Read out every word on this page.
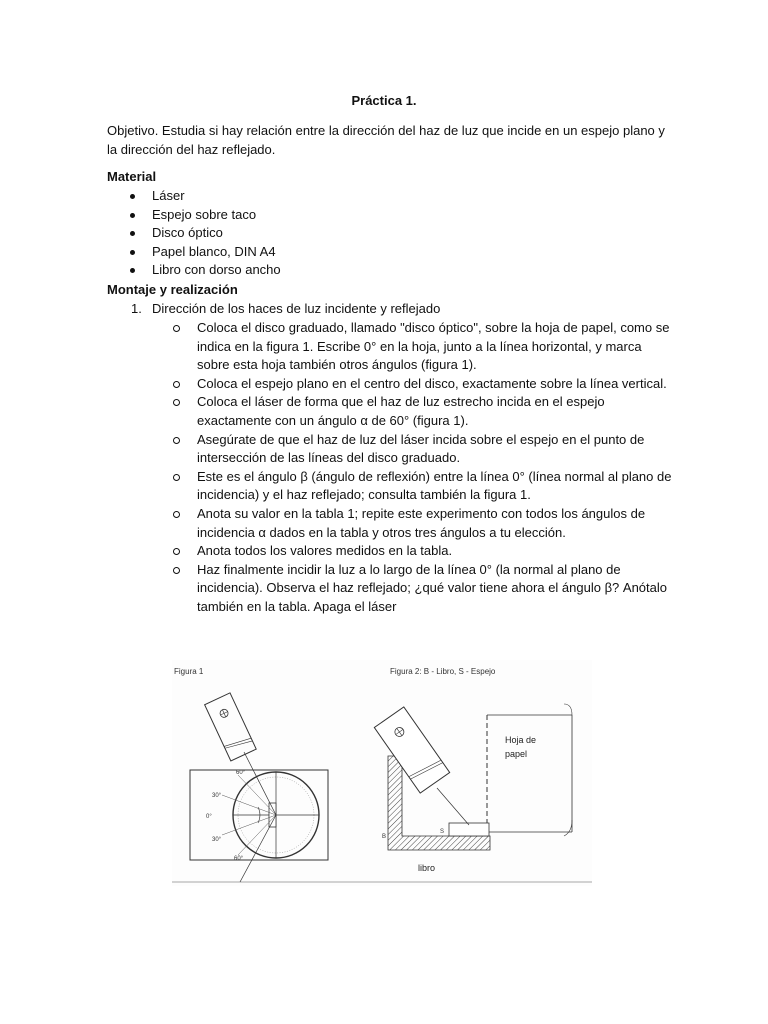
Práctica 1.
Objetivo. Estudia si hay relación entre la dirección del haz de luz que incide en un espejo plano y la dirección del haz reflejado.
Material
Láser
Espejo sobre taco
Disco óptico
Papel blanco, DIN A4
Libro con dorso ancho
Montaje y realización
1. Dirección de los haces de luz incidente y reflejado
Coloca el disco graduado, llamado "disco óptico", sobre la hoja de papel, como se indica en la figura 1. Escribe 0° en la hoja, junto a la línea horizontal, y marca sobre esta hoja también otros ángulos (figura 1).
Coloca el espejo plano en el centro del disco, exactamente sobre la línea vertical.
Coloca el láser de forma que el haz de luz estrecho incida en el espejo exactamente con un ángulo α de 60° (figura 1).
Asegúrate de que el haz de luz del láser incida sobre el espejo en el punto de intersección de las líneas del disco graduado.
Este es el ángulo β (ángulo de reflexión) entre la línea 0° (línea normal al plano de incidencia) y el haz reflejado; consulta también la figura 1.
Anota su valor en la tabla 1; repite este experimento con todos los ángulos de incidencia α dados en la tabla y otros tres ángulos a tu elección.
Anota todos los valores medidos en la tabla.
Haz finalmente incidir la luz a lo largo de la línea 0° (la normal al plano de incidencia). Observa el haz reflejado; ¿qué valor tiene ahora el ángulo β? Anótalo también en la tabla. Apaga el láser
Figura 1	Figura 2: B - Libro, S - Espejo
60°
30°
0°
30°
60°
Hoja de
papel
libro
B
S
